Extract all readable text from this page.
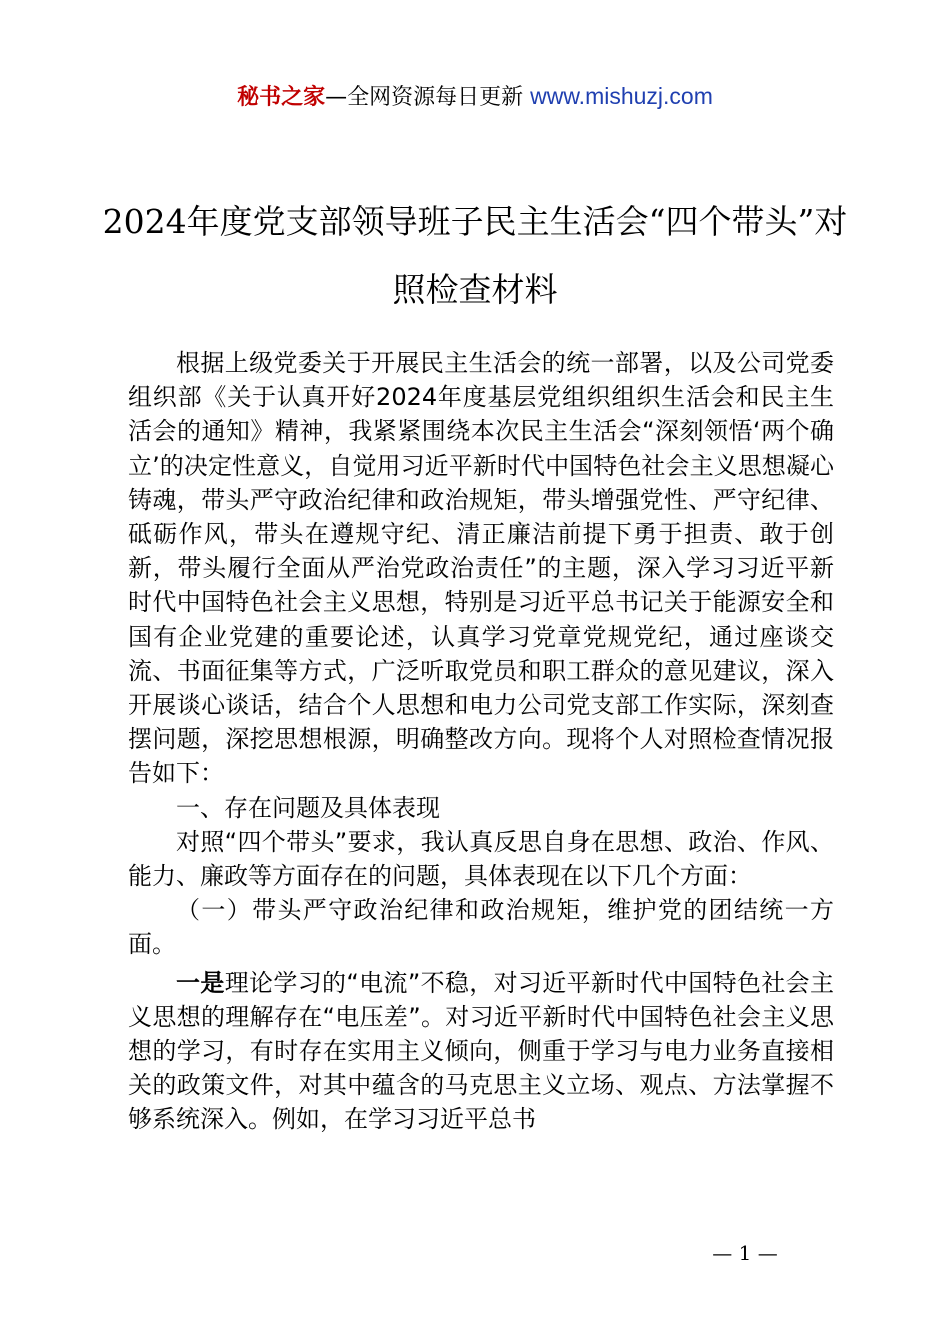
秘书之家—全网资源每日更新 www.mishuzj.com
2024年度党支部领导班子民主生活会“四个带头”对照检查材料

根据上级党委关于开展民主生活会的统一部署，以及公司党委组织部《关于认真开好2024年度基层党组织组织生活会和民主生活会的通知》精神，我紧紧围绕本次民主生活会“深刻领悟‘两个确立’的决定性意义，自觉用习近平新时代中国特色社会主义思想凝心铸魂，带头严守政治纪律和政治规矩，带头增强党性、严守纪律、砥砺作风，带头在遵规守纪、清正廉洁前提下勇于担责、敢于创新，带头履行全面从严治党政治责任”的主题，深入学习习近平新时代中国特色社会主义思想，特别是习近平总书记关于能源安全和国有企业党建的重要论述，认真学习党章党规党纪，通过座谈交流、书面征集等方式，广泛听取党员和职工群众的意见建议，深入开展谈心谈话，结合个人思想和电力公司党支部工作实际，深刻查摆问题，深挖思想根源，明确整改方向。现将个人对照检查情况报告如下：

一、存在问题及具体表现

对照“四个带头”要求，我认真反思自身在思想、政治、作风、能力、廉政等方面存在的问题，具体表现在以下几个方面：

（一）带头严守政治纪律和政治规矩，维护党的团结统一方面。

一是理论学习的“电流”不稳，对习近平新时代中国特色社会主义思想的理解存在“电压差”。对习近平新时代中国特色社会主义思想的学习，有时存在实用主义倾向，侧重于学习与电力业务直接相关的政策文件，对其中蕴含的马克思主义立场、观点、方法掌握不够系统深入。例如，在学习习近平总书

— 1 —
